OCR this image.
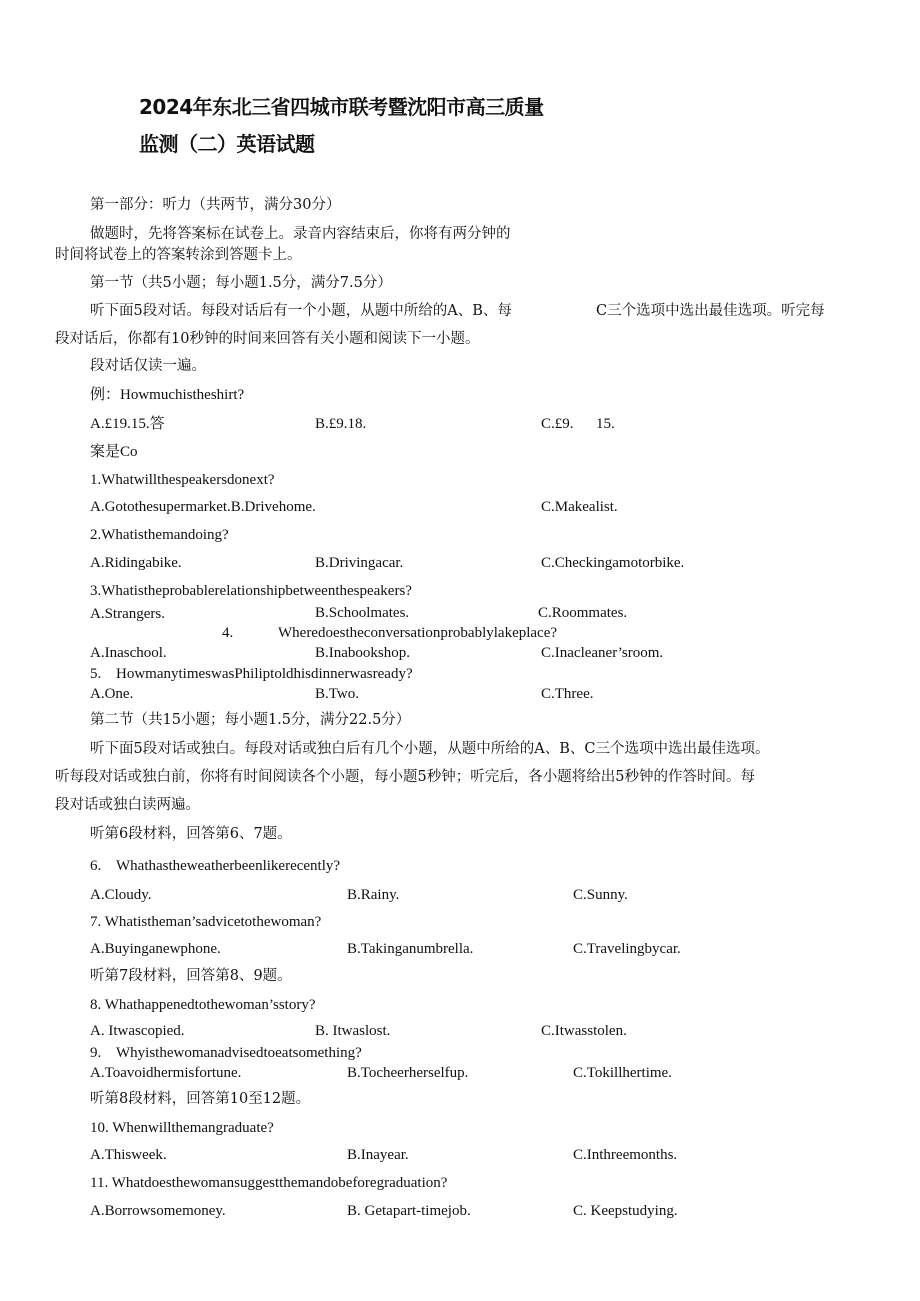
2024年东北三省四城市联考暨沈阳市高三质量
监测（二）英语试题
第一部分：听力（共两节，满分30分）
做题时，先将答案标在试卷上。录音内容结束后，你将有两分钟的
时间将试卷上的答案转涂到答题卡上。
第一节（共5小题；每小题1.5分，满分7.5分）
听下面5段对话。每段对话后有一个小题，从题中所给的A、B、每	C三个选项中选出最佳选项。听完每
段对话后，你都有10秒钟的时间来回答有关小题和阅读下一小题。
段对话仅读一遍。
例：Howmuchistheshirt?
A.£19.15.答	B.£9.18.	C.£9. 15.
案是Co
1.Whatwillthespeakersdonext?
A.Gotothesupermarket.B.Drivehome.	C.Makealist.
2.Whatisthemandoing?
A.Ridingabike.	B.Drivingacar.	C.Checkingamotorbike.
3.Whatistheprobablerelationshipbetweenthespeakers?
A.Strangers.	B.Schoolmates.	C.Roommates.
4.	Wheredoestheconversationprobablylakeplace?
A.Inaschool.	B.Inabookshop.	C.Inacleaner’sroom.
5. HowmanytimeswasPhiliptoldhisdinnerwasready?
A.One.	B.Two.	C.Three.
第二节（共15小题；每小题1.5分，满分22.5分）
听下面5段对话或独白。每段对话或独白后有几个小题，从题中所给的A、B、C三个选项中选出最佳选项。
听每段对话或独白前，你将有时间阅读各个小题，每小题5秒钟；听完后，各小题将给出5秒钟的作答时间。每
段对话或独白读两遍。
听第6段材料，回答第6、7题。
6. Whathastheweatherbeenlikerecently?
A.Cloudy.	B.Rainy.	C.Sunny.
7. Whatistheman’sadvicetothewoman?
A.Buyinganewphone.	B.Takinganumbrella.	C.Travelingbycar.
听第7段材料，回答第8、9题。
8. Whathappenedtothewoman’sstory?
A. Itwascopied.	B. Itwaslost.	C.Itwasstolen.
9. Whyisthewomanadvisedtoeatsomething?
A.Toavoidhermisfortune.	B.Tocheerherselfup.	C.Tokillhertime.
听第8段材料，回答第10至12题。
10. Whenwillthemangraduate?
A.Thisweek.	B.Inayear.	C.Inthreemonths.
11. Whatdoesthewomansuggestthemandobeforegraduation?
A.Borrowsomemoney.	B. Getapart-timejob.	C. Keepstudying.
